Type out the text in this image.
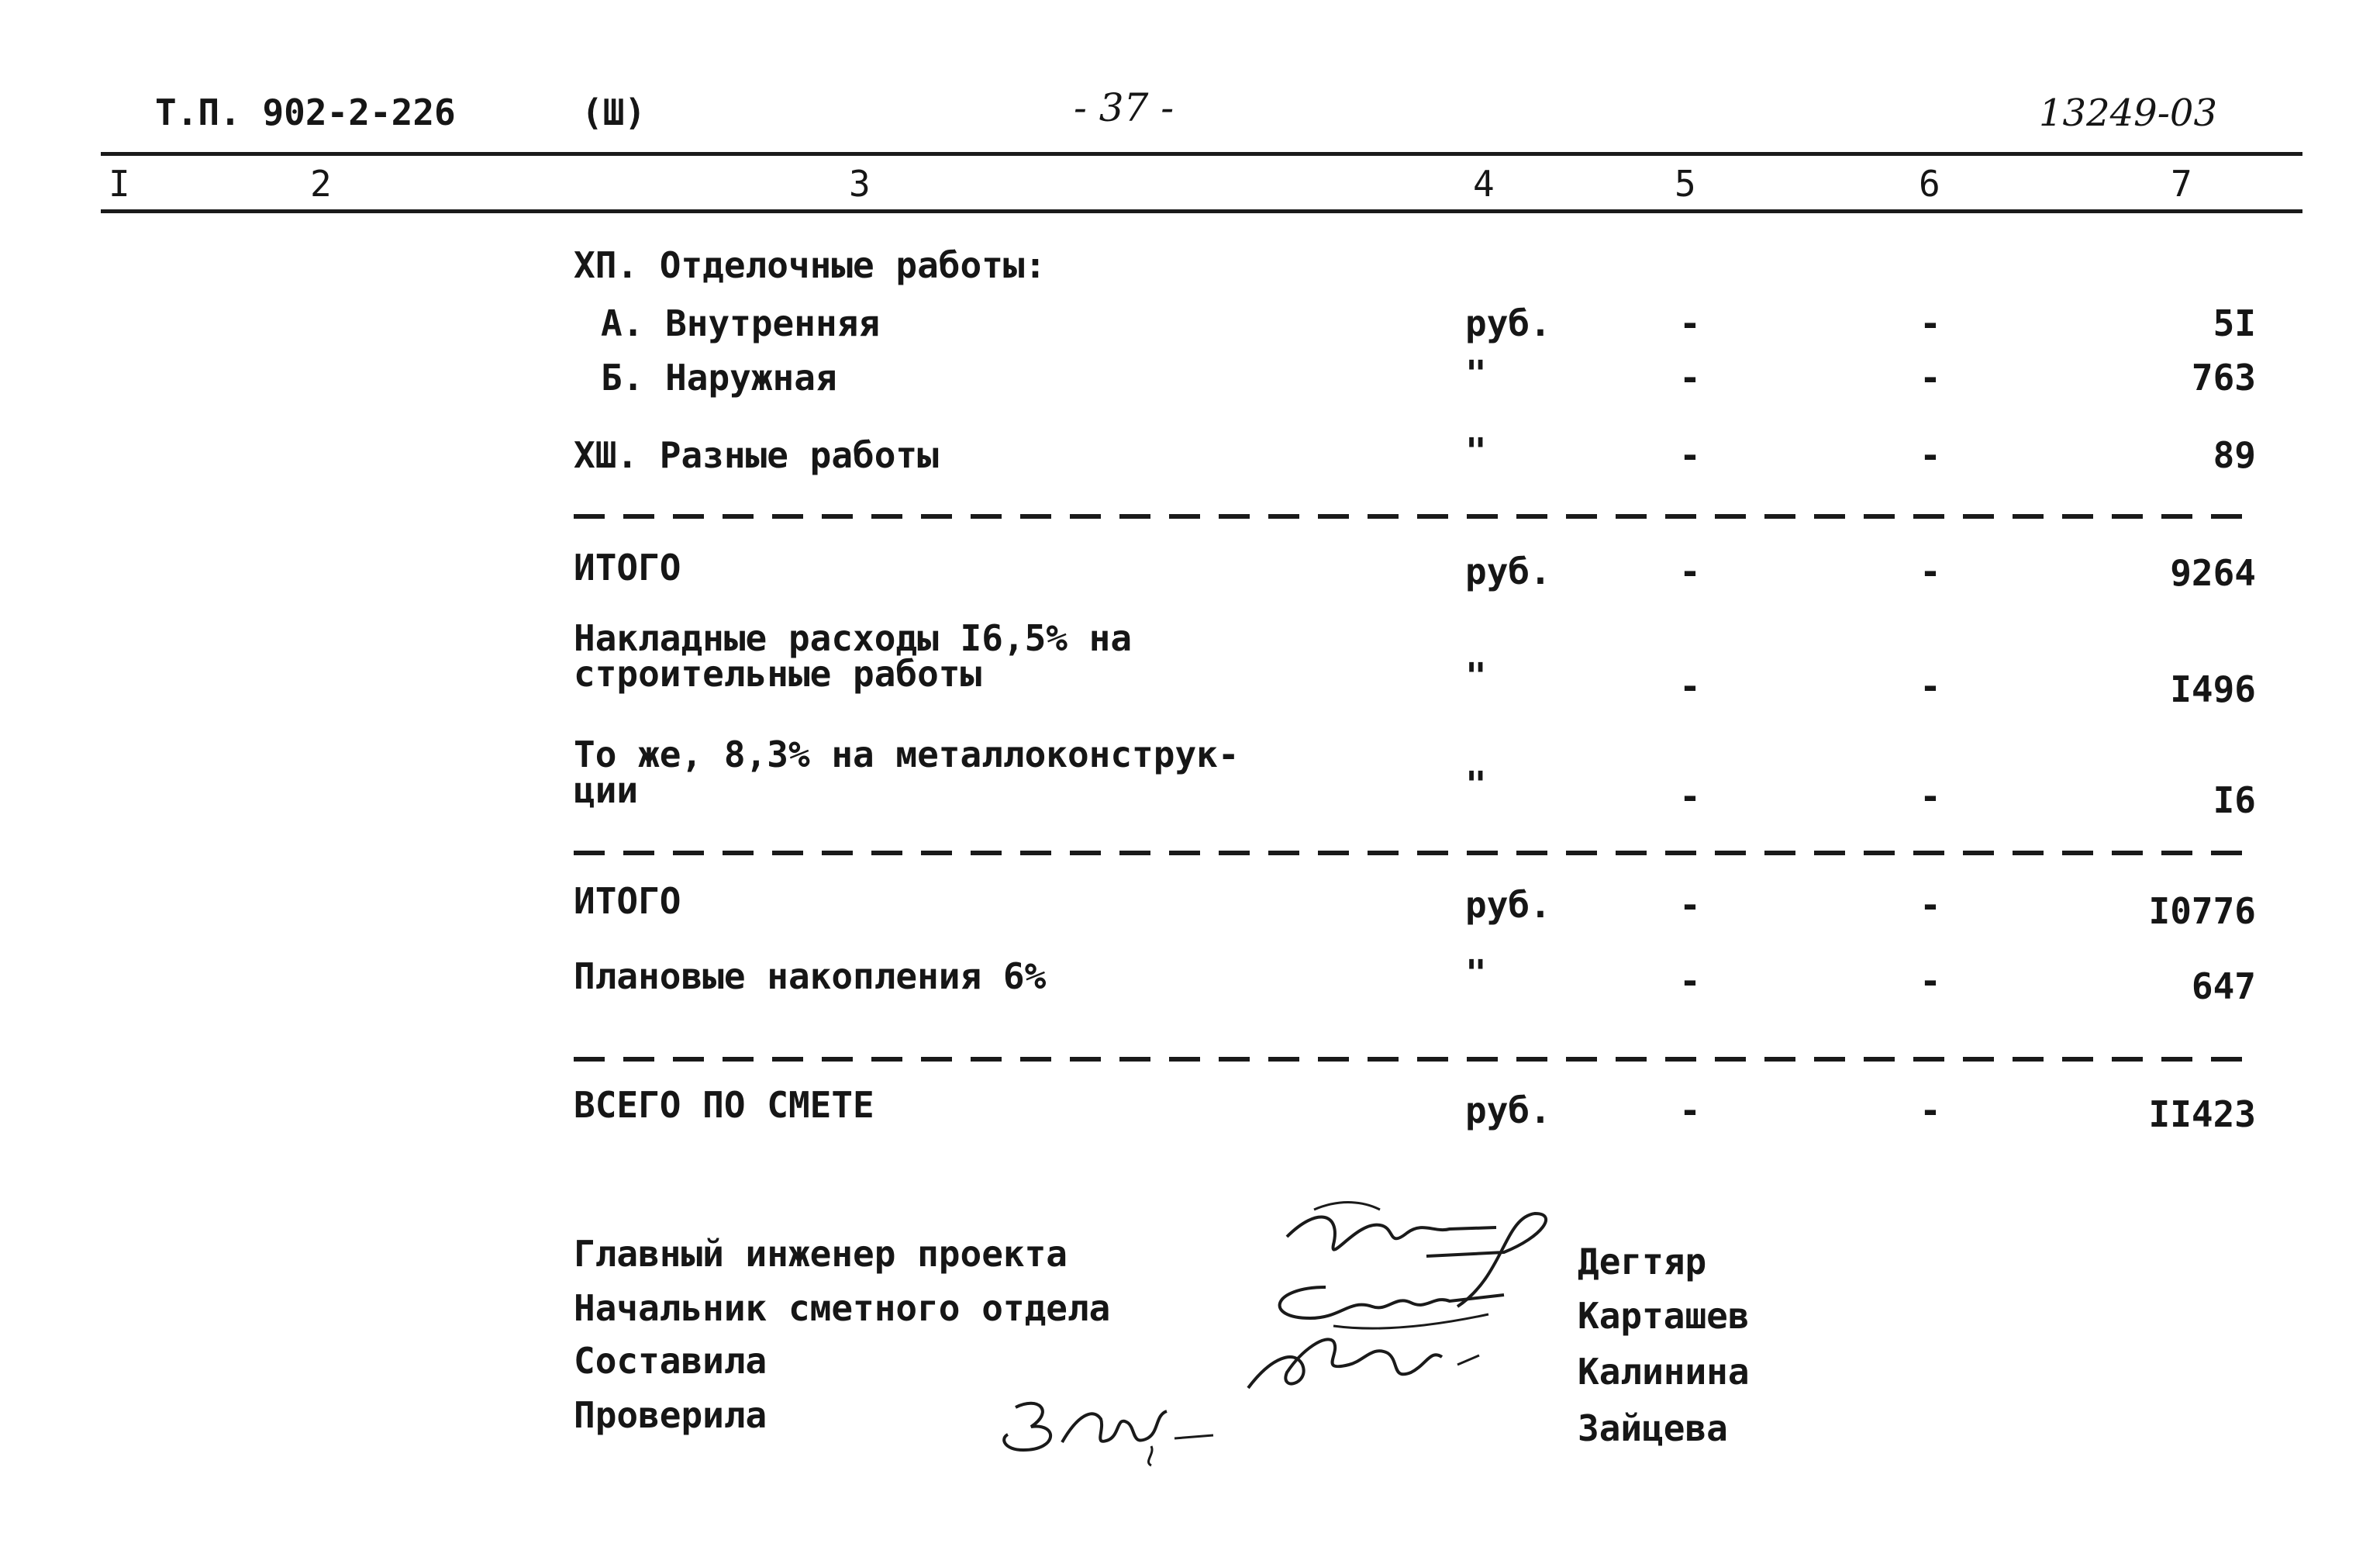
Т.П. 902-2-226	(Ш)	- 37 -	13249-03
I	2	3	4	5	6	7
ХП. Отделочные работы:
А. Внутренняя	руб.	-	-	5I
Б. Наружная	"	-	-	763
ХШ. Разные работы	"	-	-	89
ИТОГО	руб.	-	-	9264
Накладные расходы I6,5% на
строительные работы	"	-	-	I496
То же, 8,3% на металлоконструк-
ции	"	-	-	I6
ИТОГО	руб.	-	-	I0776
Плановые накопления 6%	"	-	-	647
ВСЕГО ПО СМЕТЕ	руб.	-	-	II423
Главный инженер проекта
Начальник сметного отдела
Составила
Проверила
Дегтяр
Карташев
Калинина
Зайцева
